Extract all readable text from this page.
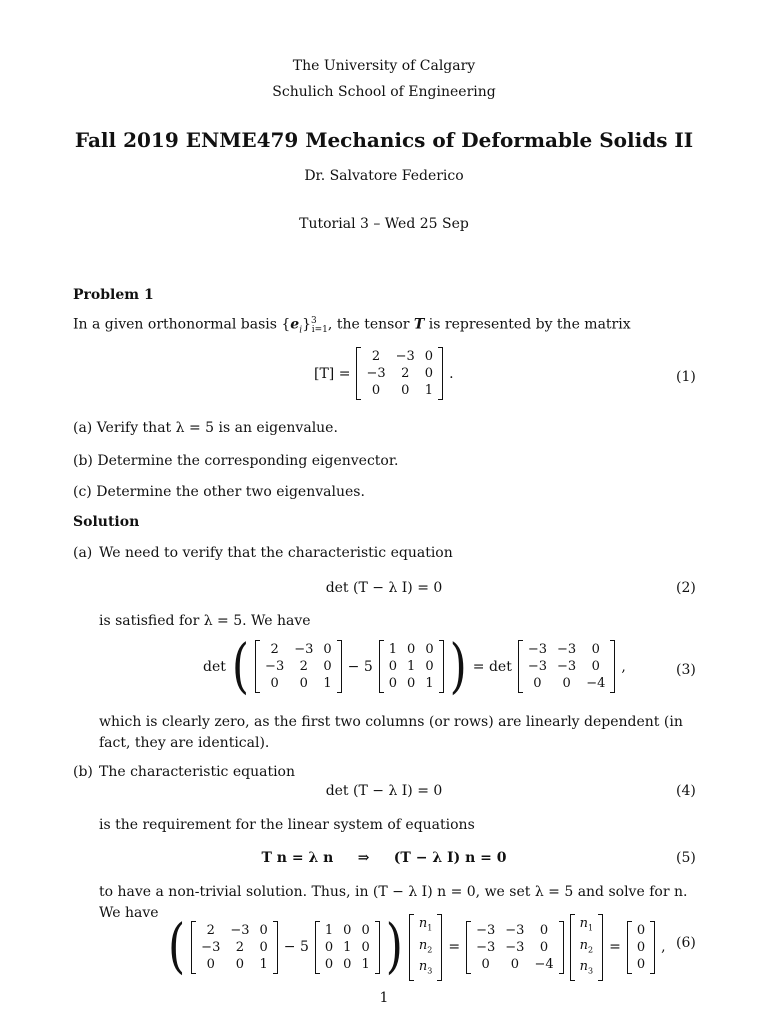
The University of Calgary
Schulich School of Engineering
Fall 2019 ENME479 Mechanics of Deformable Solids II
Dr. Salvatore Federico
Tutorial 3 – Wed 25 Sep
Problem 1
In a given orthonormal basis $\{e_i\}^3_{i=1}$, the tensor T is represented by the matrix
[T] =
2	−3	0
−3	2	0
0	0	1
.	(1)
(a) Verify that λ = 5 is an eigenvalue.
(b) Determine the corresponding eigenvector.
(c) Determine the other two eigenvalues.
Solution
(a) We need to verify that the characteristic equation
det (T − λ I) = 0	(2)
is satisfied for λ = 5. We have
det ( 2	−3	0
−3	2	0
0	0	1
− 5
1	0	0
0	1	0
0	0	1 ) = det
−3	−3	0
−3	−3	0
0	0	−4
,	(3)
which is clearly zero, as the first two columns (or rows) are linearly dependent (in fact, they are identical).
(b) The characteristic equation
det (T − λ I) = 0	(4)
is the requirement for the linear system of equations
T n = λ n     ⇒     (T − λ I) n = 0	(5)
to have a non-trivial solution. Thus, in (T − λ I) n = 0, we set λ = 5 and solve for n. We have ( 2	−3	0
−3	2	0
0	0	1
− 5
1	0	0
0	1	0
0	0	1 ) $n_1$
$n_2$
$n_3$
=
−3	−3	0
−3	−3	0
0	0	−4
$n_1$
$n_2$
$n_3$
=
0
0
0
, (6)
1
